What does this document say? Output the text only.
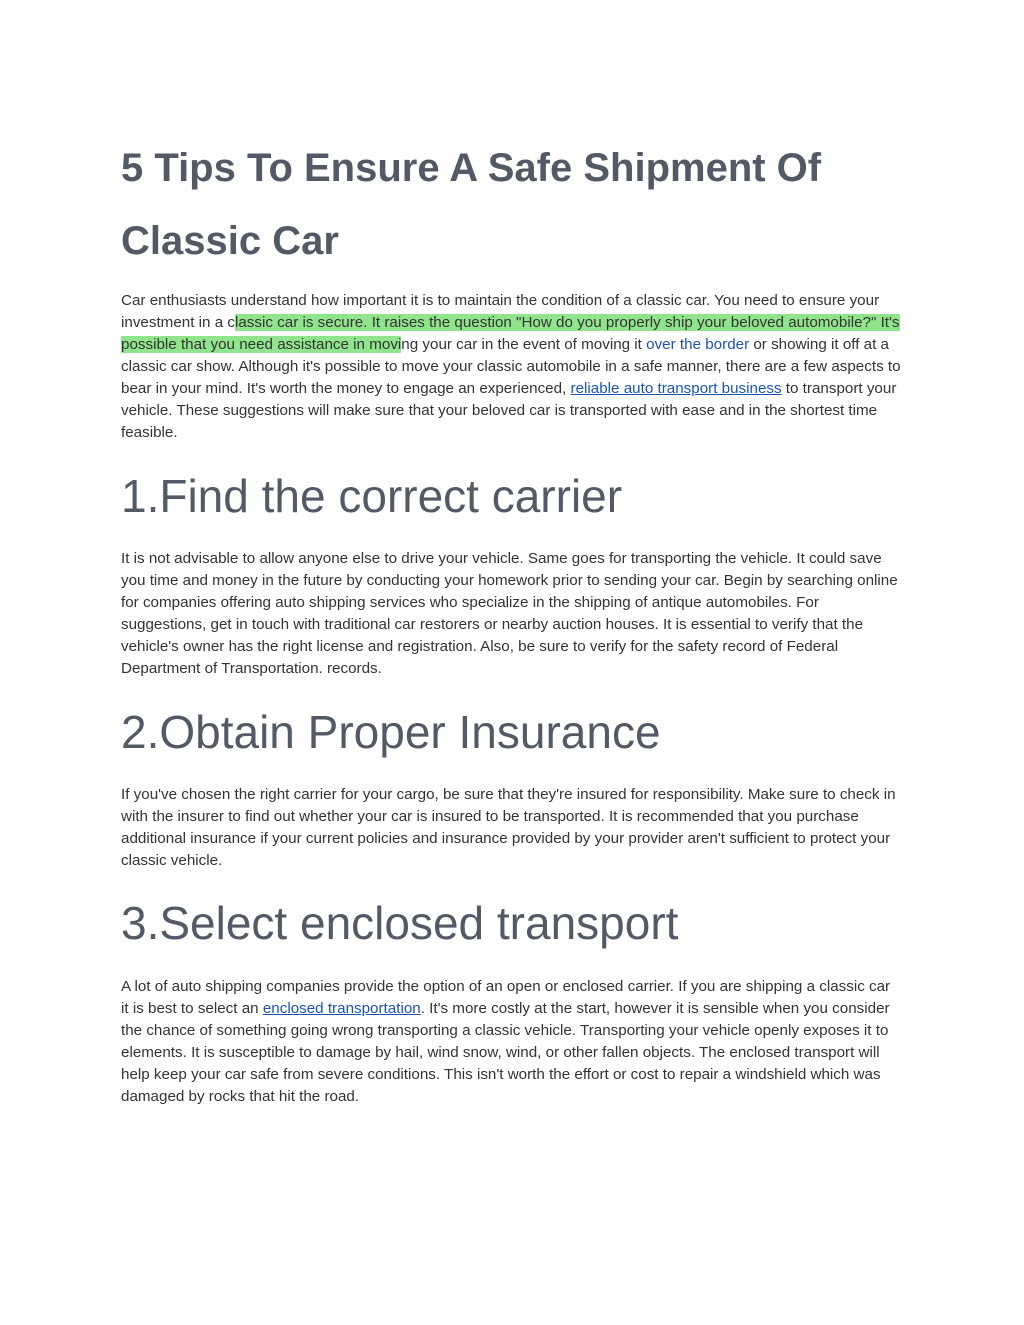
5 Tips To Ensure A Safe Shipment Of Classic Car

Car enthusiasts understand how important it is to maintain the condition of a classic car. You need to ensure your investment in a classic car is secure. It raises the question "How do you properly ship your beloved automobile?" It's possible that you need assistance in moving your car in the event of moving it over the border or showing it off at a classic car show. Although it's possible to move your classic automobile in a safe manner, there are a few aspects to bear in your mind. It's worth the money to engage an experienced, reliable auto transport business to transport your vehicle. These suggestions will make sure that your beloved car is transported with ease and in the shortest time feasible.

1.Find the correct carrier

It is not advisable to allow anyone else to drive your vehicle. Same goes for transporting the vehicle. It could save you time and money in the future by conducting your homework prior to sending your car. Begin by searching online for companies offering auto shipping services who specialize in the shipping of antique automobiles. For suggestions, get in touch with traditional car restorers or nearby auction houses. It is essential to verify that the vehicle's owner has the right license and registration. Also, be sure to verify for the safety record of Federal Department of Transportation. records.

2.Obtain Proper Insurance

If you've chosen the right carrier for your cargo, be sure that they're insured for responsibility. Make sure to check in with the insurer to find out whether your car is insured to be transported. It is recommended that you purchase additional insurance if your current policies and insurance provided by your provider aren't sufficient to protect your classic vehicle.

3.Select enclosed transport

A lot of auto shipping companies provide the option of an open or enclosed carrier. If you are shipping a classic car it is best to select an enclosed transportation. It's more costly at the start, however it is sensible when you consider the chance of something going wrong transporting a classic vehicle. Transporting your vehicle openly exposes it to elements. It is susceptible to damage by hail, wind snow, wind, or other fallen objects. The enclosed transport will help keep your car safe from severe conditions. This isn't worth the effort or cost to repair a windshield which was damaged by rocks that hit the road.
